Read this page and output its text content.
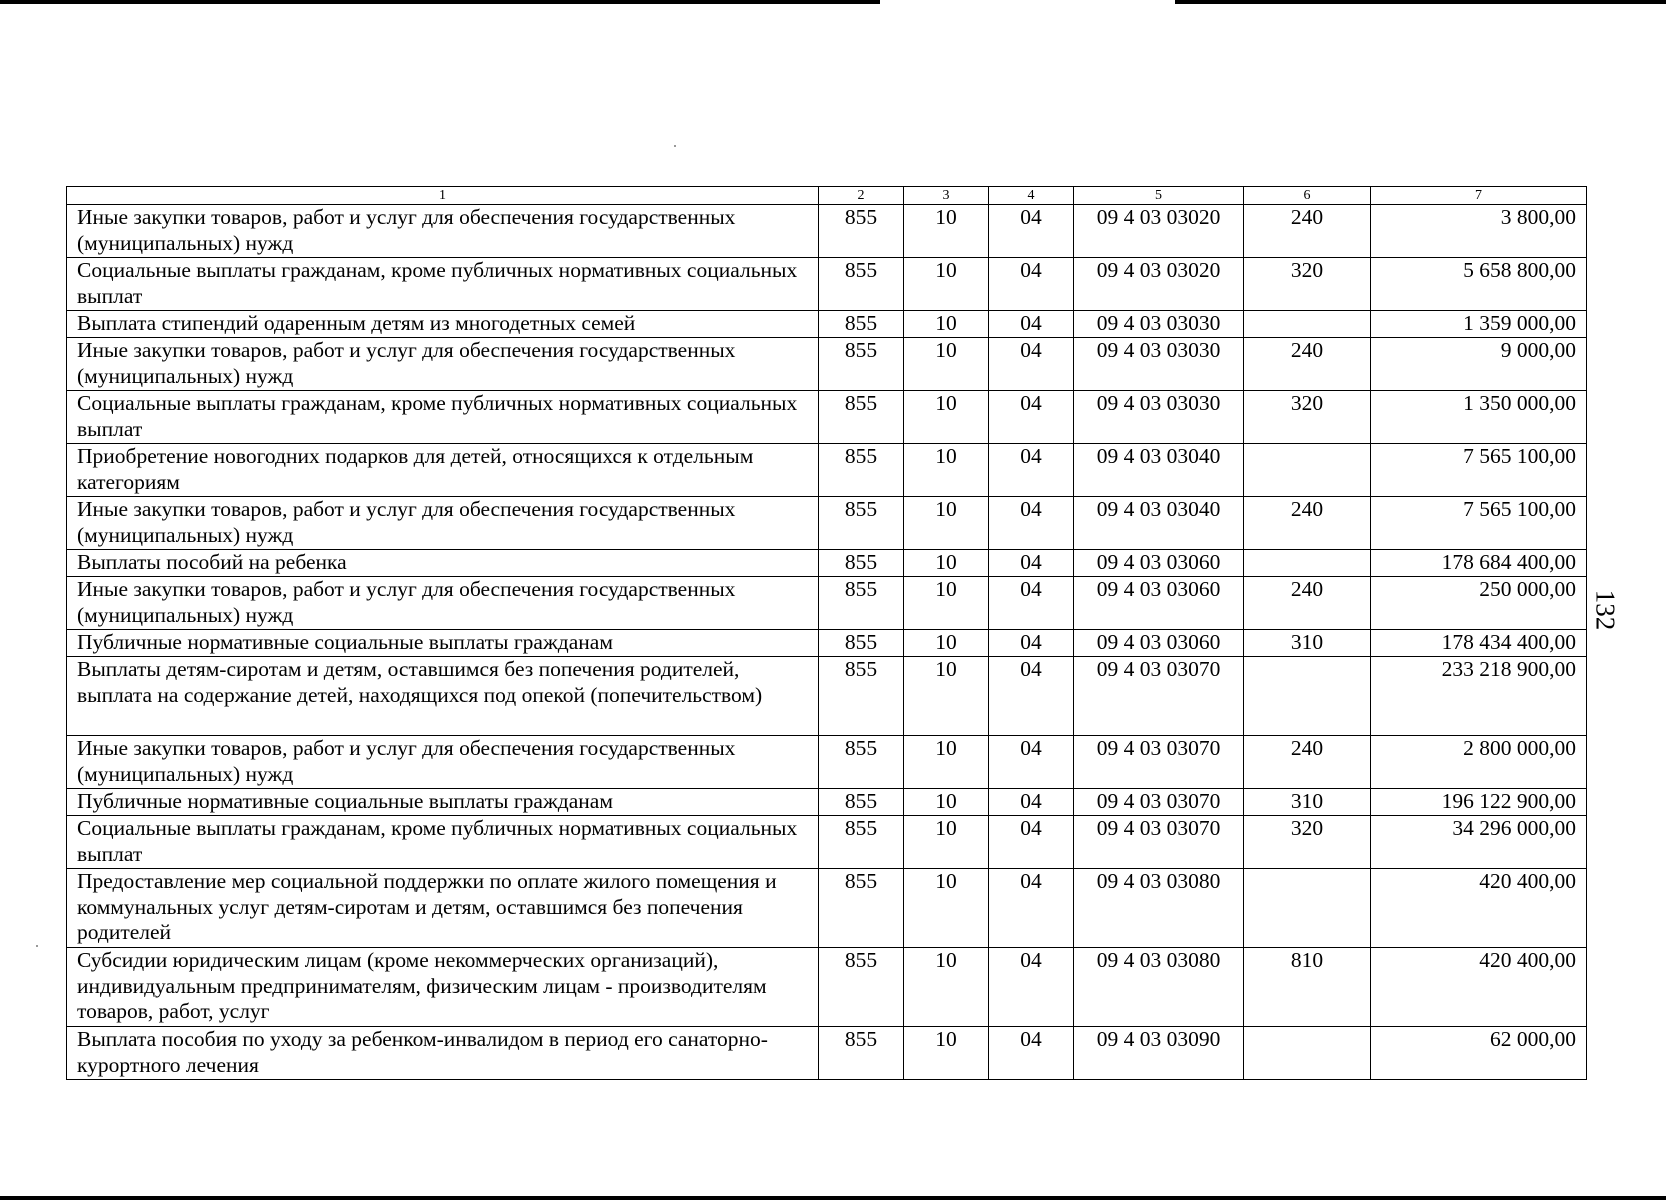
132
1	2	3	4	5	6	7
Иные закупки товаров, работ и услуг для обеспечения государственных (муниципальных) нужд	855	10	04	09 4 03 03020	240	3 800,00
Социальные выплаты гражданам, кроме публичных нормативных социальных выплат	855	10	04	09 4 03 03020	320	5 658 800,00
Выплата стипендий одаренным детям из многодетных семей	855	10	04	09 4 03 03030		1 359 000,00
Иные закупки товаров, работ и услуг для обеспечения государственных (муниципальных) нужд	855	10	04	09 4 03 03030	240	9 000,00
Социальные выплаты гражданам, кроме публичных нормативных социальных выплат	855	10	04	09 4 03 03030	320	1 350 000,00
Приобретение новогодних подарков для детей, относящихся к отдельным категориям	855	10	04	09 4 03 03040		7 565 100,00
Иные закупки товаров, работ и услуг для обеспечения государственных (муниципальных) нужд	855	10	04	09 4 03 03040	240	7 565 100,00
Выплаты пособий на ребенка	855	10	04	09 4 03 03060		178 684 400,00
Иные закупки товаров, работ и услуг для обеспечения государственных (муниципальных) нужд	855	10	04	09 4 03 03060	240	250 000,00
Публичные нормативные социальные выплаты гражданам	855	10	04	09 4 03 03060	310	178 434 400,00
Выплаты детям-сиротам и детям, оставшимся без попечения родителей, выплата на содержание детей, находящихся под опекой (попечительством)	855	10	04	09 4 03 03070		233 218 900,00
Иные закупки товаров, работ и услуг для обеспечения государственных (муниципальных) нужд	855	10	04	09 4 03 03070	240	2 800 000,00
Публичные нормативные социальные выплаты гражданам	855	10	04	09 4 03 03070	310	196 122 900,00
Социальные выплаты гражданам, кроме публичных нормативных социальных выплат	855	10	04	09 4 03 03070	320	34 296 000,00
Предоставление мер социальной поддержки по оплате жилого помещения и коммунальных услуг детям-сиротам и детям, оставшимся без попечения родителей	855	10	04	09 4 03 03080		420 400,00
Субсидии юридическим лицам (кроме некоммерческих организаций), индивидуальным предпринимателям, физическим лицам - производителям товаров, работ, услуг	855	10	04	09 4 03 03080	810	420 400,00
Выплата пособия по уходу за ребенком-инвалидом в период его санаторно-курортного лечения	855	10	04	09 4 03 03090		62 000,00
